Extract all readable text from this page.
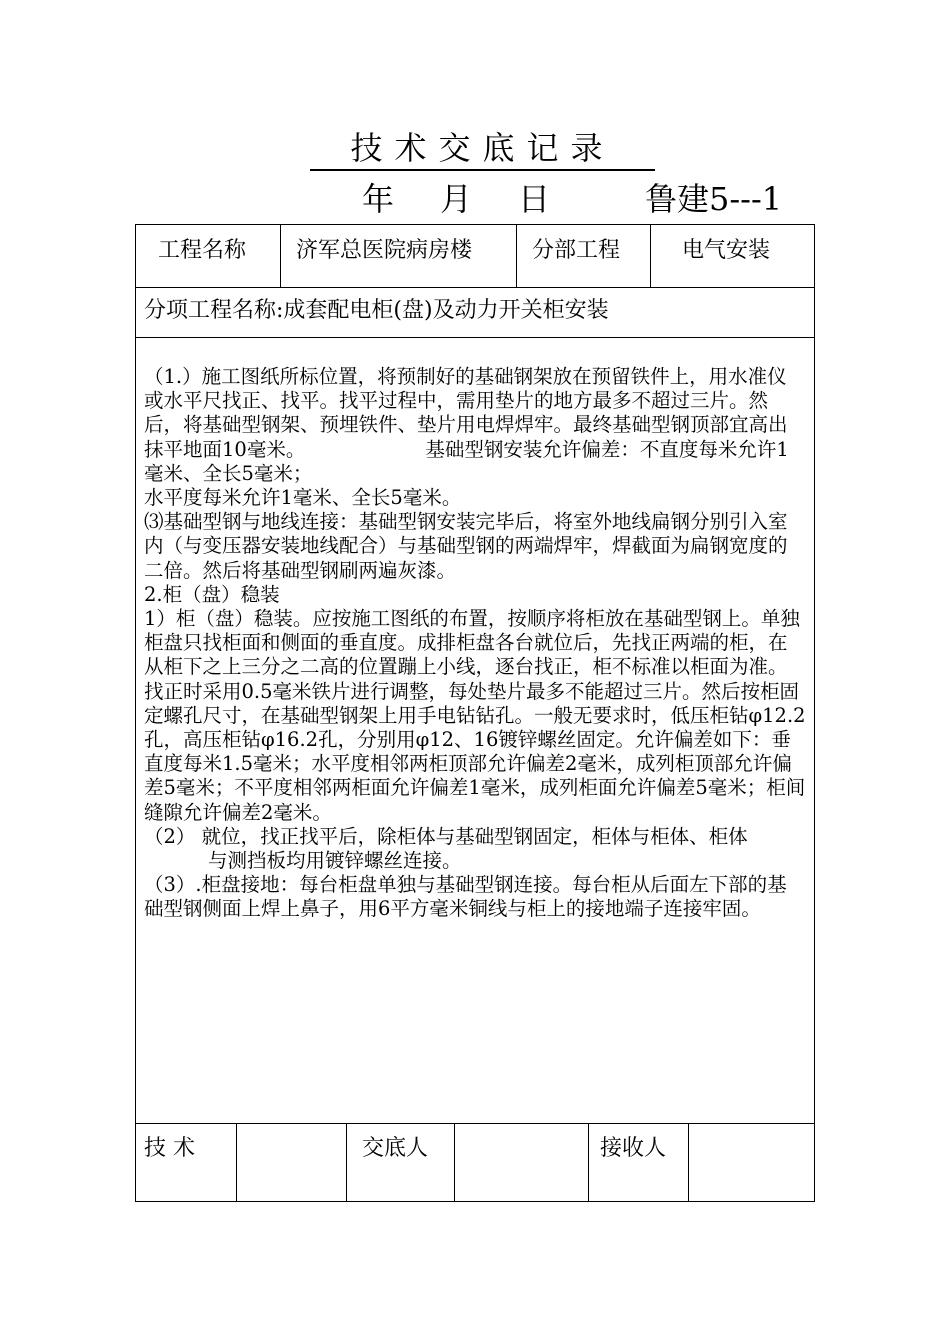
技术交底记录
年 月 日	鲁建5---1
工程名称 济军总医院病房楼	分部工程	电气安装
分项工程名称:成套配电柜(盘)及动力开关柜安装

（1.）施工图纸所标位置，将预制好的基础钢架放在预留铁件上，用水准仪或水平尺找正、找平。找平过程中，需用垫片的地方最多不超过三片。然后，将基础型钢架、预埋铁件、垫片用电焊焊牢。最终基础型钢顶部宜高出抹平地面10毫米。	基础型钢安装允许偏差：不直度每米允许1毫米、全长5毫米；

水平度每米允许1毫米、全长5毫米。

⑶基础型钢与地线连接：基础型钢安装完毕后，将室外地线扁钢分别引入室内（与变压器安装地线配合）与基础型钢的两端焊牢，焊截面为扁钢宽度的二倍。然后将基础型钢刷两遍灰漆。

2.柜（盘）稳装

1）柜（盘）稳装。应按施工图纸的布置，按顺序将柜放在基础型钢上。单独柜盘只找柜面和侧面的垂直度。成排柜盘各台就位后，先找正两端的柜，在从柜下之上三分之二高的位置蹦上小线，逐台找正，柜不标准以柜面为准。找正时采用0.5毫米铁片进行调整，每处垫片最多不能超过三片。然后按柜固定螺孔尺寸，在基础型钢架上用手电钻钻孔。一般无要求时，低压柜钻φ12.2孔，高压柜钻φ16.2孔，分别用φ12、16镀锌螺丝固定。允许偏差如下：垂直度每米1.5毫米；水平度相邻两柜顶部允许偏差2毫米，成列柜顶部允许偏差5毫米；不平度相邻两柜面允许偏差1毫米，成列柜面允许偏差5毫米；柜间缝隙允许偏差2毫米。

（2） 就位，找正找平后，除柜体与基础型钢固定，柜体与柜体、柜体

与测挡板均用镀锌螺丝连接。

（3）.柜盘接地：每台柜盘单独与基础型钢连接。每台柜从后面左下部的基础型钢侧面上焊上鼻子，用6平方毫米铜线与柜上的接地端子连接牢固。

技 术	交底人	接收人
